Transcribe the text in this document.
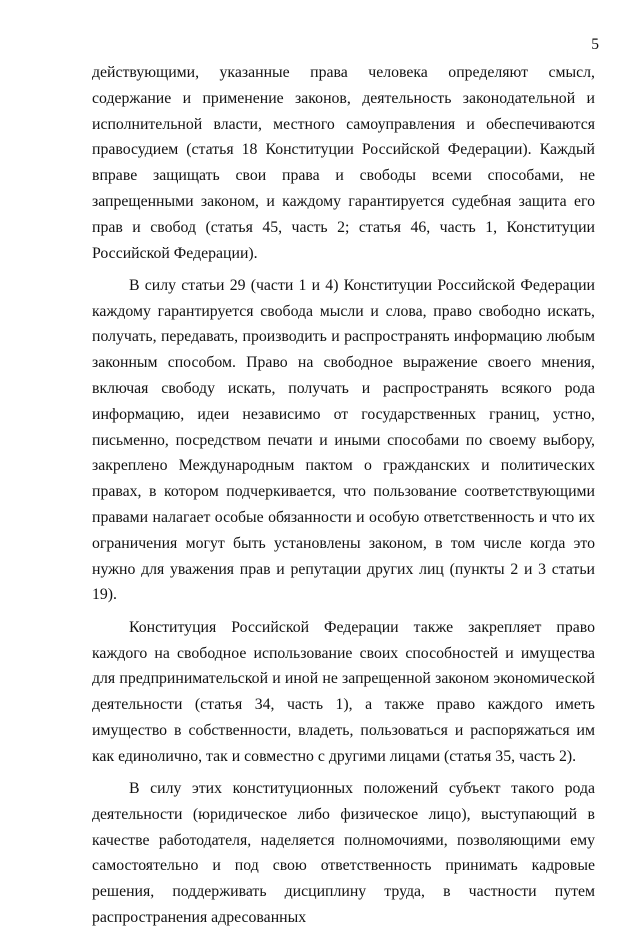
5

действующими, указанные права человека определяют смысл, содержание и применение законов, деятельность законодательной и исполнительной власти, местного самоуправления и обеспечиваются правосудием (статья 18 Конституции Российской Федерации). Каждый вправе защищать свои права и свободы всеми способами, не запрещенными законом, и каждому гарантируется судебная защита его прав и свобод (статья 45, часть 2; статья 46, часть 1, Конституции Российской Федерации).

В силу статьи 29 (части 1 и 4) Конституции Российской Федерации каждому гарантируется свобода мысли и слова, право свободно искать, получать, передавать, производить и распространять информацию любым законным способом. Право на свободное выражение своего мнения, включая свободу искать, получать и распространять всякого рода информацию, идеи независимо от государственных границ, устно, письменно, посредством печати и иными способами по своему выбору, закреплено Международным пактом о гражданских и политических правах, в котором подчеркивается, что пользование соответствующими правами налагает особые обязанности и особую ответственность и что их ограничения могут быть установлены законом, в том числе когда это нужно для уважения прав и репутации других лиц (пункты 2 и 3 статьи 19).

Конституция Российской Федерации также закрепляет право каждого на свободное использование своих способностей и имущества для предпринимательской и иной не запрещенной законом экономической деятельности (статья 34, часть 1), а также право каждого иметь имущество в собственности, владеть, пользоваться и распоряжаться им как единолично, так и совместно с другими лицами (статья 35, часть 2).

В силу этих конституционных положений субъект такого рода деятельности (юридическое либо физическое лицо), выступающий в качестве работодателя, наделяется полномочиями, позволяющими ему самостоятельно и под свою ответственность принимать кадровые решения, поддерживать дисциплину труда, в частности путем распространения адресованных
